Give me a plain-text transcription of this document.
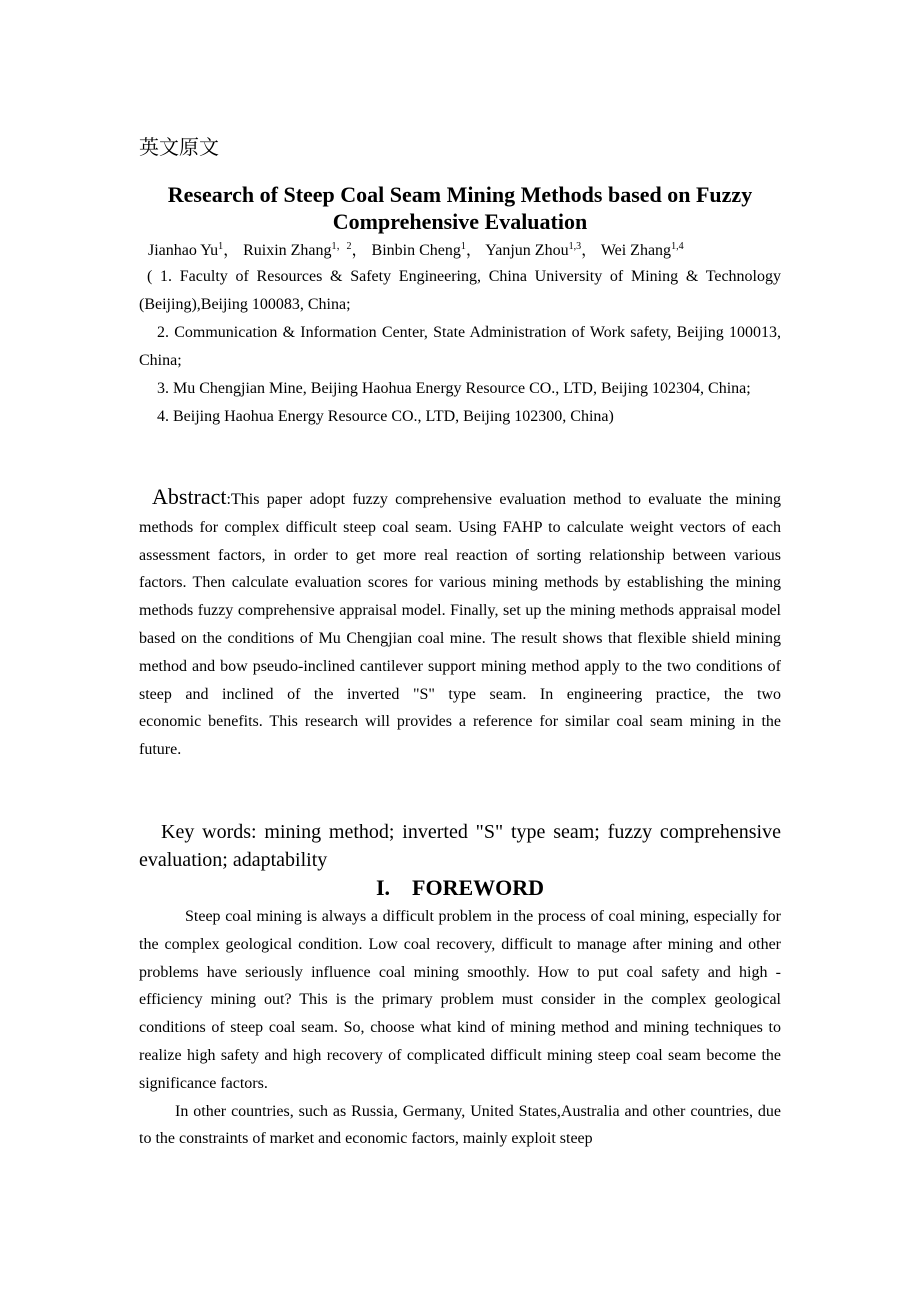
英文原文
Research of Steep Coal Seam Mining Methods based on Fuzzy Comprehensive Evaluation
Jianhao Yu$^1$， Ruixin Zhang$^{1,2}$， Binbin Cheng$^1$， Yanjun Zhou$^{1,3}$， Wei Zhang$^{1,4}$

( 1. Faculty of Resources & Safety Engineering, China University of Mining & Technology (Beijing),Beijing 100083, China;

2. Communication & Information Center, State Administration of Work safety, Beijing 100013, China;

3. Mu Chengjian Mine, Beijing Haohua Energy Resource CO., LTD, Beijing 102304, China;

4. Beijing Haohua Energy Resource CO., LTD, Beijing 102300, China)

Abstract:This paper adopt fuzzy comprehensive evaluation method to evaluate the mining    methods for complex difficult steep coal seam. Using FAHP to calculate weight vectors of each     assessment factors, in order to get more real reaction of sorting relationship between various      factors. Then calculate evaluation scores for various mining methods by establishing the mining methods fuzzy comprehensive appraisal model. Finally, set up the mining methods appraisal model based on the conditions of Mu Chengjian coal mine. The result shows that flexible shield mining method and bow pseudo-inclined cantilever support mining method apply to the two conditions of steep and inclined of the inverted "S" type seam. In engineering practice, the two                          economic benefits. This research will provides a reference for similar coal seam mining in the future.

Key words: mining method; inverted "S" type seam; fuzzy comprehensive evaluation; adaptability

I.    FOREWORD

Steep coal mining is always a difficult problem in the process of coal mining, especially for the complex geological condition. Low coal recovery, difficult to manage after mining and other      problems have seriously influence coal mining smoothly. How to put coal safety and high -efficiency mining out? This is the primary problem must consider in the complex geological conditions of steep coal seam. So, choose what kind of mining method and mining techniques to realize high safety and high recovery of complicated difficult mining steep coal seam become the significance factors.

In other countries, such as Russia, Germany, United States,Australia and other countries, due to the constraints of market and economic factors, mainly exploit steep
